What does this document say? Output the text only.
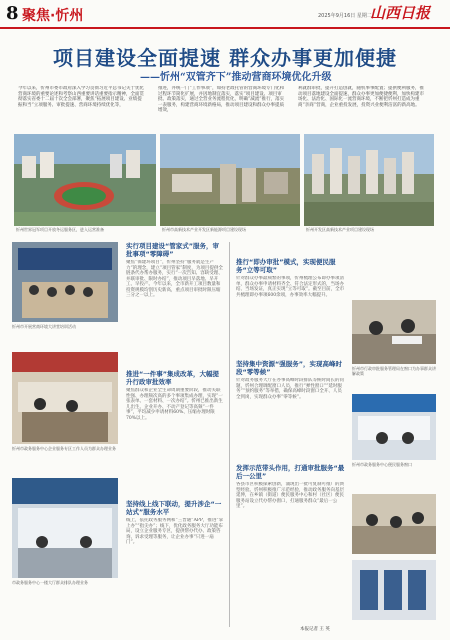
8 聚焦·忻州	2025年9月16日 星期二
山西日报
项目建设全面提速 群众办事更加便捷
——忻州“双管齐下”推动营商环境优化升级
今年以来，忻州市委市政府深入学习贯彻习近平总书记关于优化营商环境的重要论述和考察山西重要讲话重要指示精神，全面贯彻落实省委十二届十次全会部署，聚焦“拓展项目建设、业绩提振和当”立项服务、审批提速、营商环境持续优化等，
推进，并统一门“工作事项”，如持老政托管的营商环境专门化和过程环节简化扩展，并因地制宜落实，落实“项目建设、项目审批、政策落实，通过全营业务流程优化，明确“减流”推行，落实一表服务，构建营商环境新格局，推动项目建设和群众办事提质增效，
利就群审批，提升打造创就，随机事事配置；提供便利服务，推动项目落地建设全面提速，群众办事更加便捷便利，加快构建市场化、法治化、国际化一流营商环境，不断把忻州打造成为重商“亲商”营商，企业重投发展，投资兴业便利洁富的新高地。
忻州世界冠军项目开放冬运服务区，进入运营准备	忻州市高新技术产业开发区新能源项目建设现场	忻州开发区高新技术产业项目建设现场
忻州市开展营商环境大讲堂培训活动
忻州市政务服务中心企业服务专区工作人员为群众办理业务
市政务服务中心一楼大厅群众排队办理业务
实行项目建设“管家式”服务，审批事项“零障碍”
聚焦“保建环项目”，忻州坚持“服务就是生产力”的理念，建立“项目管家”制度，为项目提供全链条代办帮办服务，实行“一次告知、容缺受理、并联审批、限时办结”，推动项目早落地、早开工、早投产。今年以来，全市新开工项目数量和投资规模均创历史新高，重点项目审批时限压缩三分之一以上。
推进“一件事”集成改革，大幅提升行政审批效率
聚焦群众和企业全生命周期重要阶段，推动关联性强、办理频次高的多个事项集成办理，实现“一张表单、一套材料、一次办结”。忻州已推出新生儿出生、企业开办、不动产登记等高频“一件事”，平均减少申请材料60%、压缩办理时限70%以上。
坚持线上线下联动，提升涉企“一站式”服务水平
线上，依托政务服务网和“三晋通”APP，推进“掌上办”“指尖办”；线下，优化政务服务大厅功能布局，设立企业服务专区，提供帮办代办、政策咨询、诉求受理等服务，让企业办事“只进一扇门”。
推行“即办审批”模式，实现便民服务“立等可取”
针对群众办事最频繁的事项，忻州梳理公布即办事项清单，群众办事申请材料齐全、符合法定形式的，当场办结、当场发证，真正实现“立等可取”。截至目前，全市共梳理即办事项600余项，办事效率大幅提升。
坚持集中资源“强服务”，实现高峰时段“零等候”
针对政务服务大厅在办事高峰时段排队等候时间长的问题，忻州合理调配窗口人员，推行“弹性窗口”“延时服务”“预约服务”等举措，确保高峰时段窗口全开、人员全到岗，实现群众办事“零等候”。
发挥示范带头作用，打通审批服务“最后一公里”
各县市区积极探索创新，涌现出一批可复制可推广的典型经验。忻州积极推广示范经验，推动政务服务向基层延伸，在乡镇（街道）便民服务中心和村（社区）便民服务站设立代办帮办窗口，打通服务群众“最后一公里”。
忻州市行政审批服务管理局在窗口为办事群众讲解政策
忻州市政务服务中心便民服务窗口
本报记者 王 英
